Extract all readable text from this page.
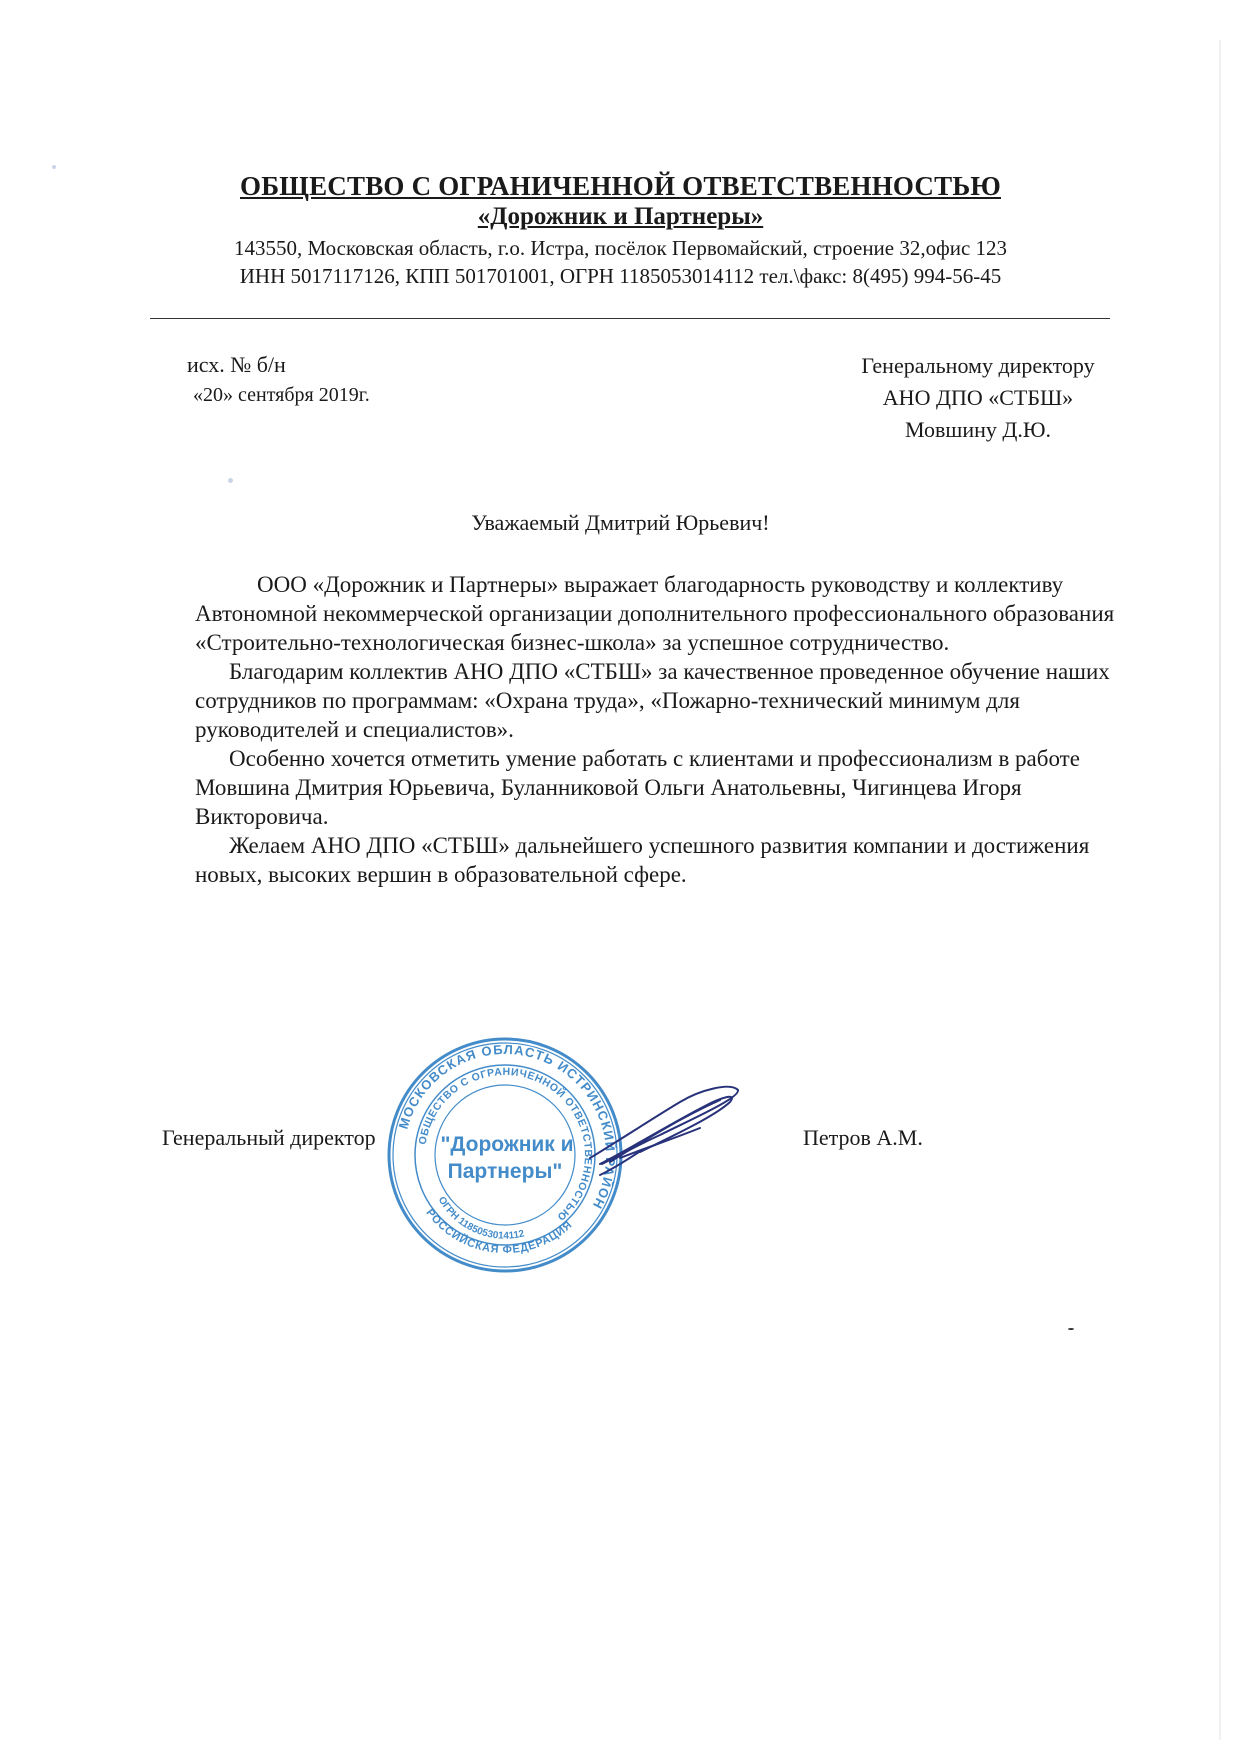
ОБЩЕСТВО С ОГРАНИЧЕННОЙ ОТВЕТСТВЕННОСТЬЮ
«Дорожник и Партнеры»
143550, Московская область, г.о. Истра, посёлок Первомайский, строение 32,офис 123
ИНН 5017117126, КПП 501701001, ОГРН 1185053014112 тел.\факс: 8(495) 994-56-45
исх. № б/н
«20» сентября 2019г.
Генеральному директору
АНО ДПО «СТБШ»
Мовшину Д.Ю.
Уважаемый Дмитрий Юрьевич!

ООО «Дорожник и Партнеры» выражает благодарность руководству и коллективу Автономной некоммерческой организации дополнительного профессионального образования «Строительно-технологическая бизнес-школа» за успешное сотрудничество.

Благодарим коллектив АНО ДПО «СТБШ» за качественное проведенное обучение наших сотрудников по программам: «Охрана труда», «Пожарно-технический минимум для руководителей и специалистов».

Особенно хочется отметить умение работать с клиентами и профессионализм в работе Мовшина Дмитрия Юрьевича, Буланниковой Ольги Анатольевны, Чигинцева Игоря Викторовича.

Желаем АНО ДПО «СТБШ» дальнейшего успешного развития компании и достижения новых, высоких вершин в образовательной сфере.

Генеральный директор	Петров А.М.
МОСКОВСКАЯ ОБЛАСТЬ ИСТРИНСКИЙ РАЙОН
ОБЩЕСТВО С ОГРАНИЧЕННОЙ ОТВЕТСТВЕННОСТЬЮ
ОГРН 1185053014112
РОССИЙСКАЯ ФЕДЕРАЦИЯ
"Дорожник и
Партнеры"
